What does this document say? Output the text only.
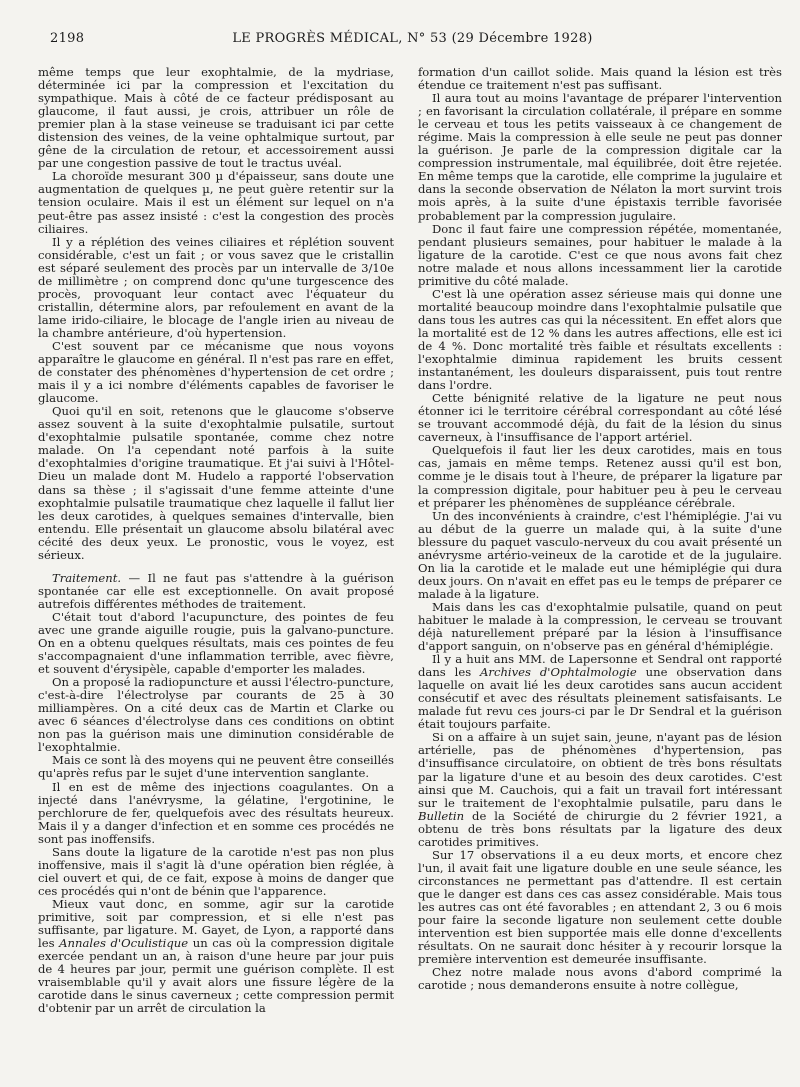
2198	LE PROGRÈS MÉDICAL, N° 53 (29 Décembre 1928)

même temps que leur exophtalmie, de la mydriase, déterminée ici par la compression et l'excitation du sympathique. Mais à côté de ce facteur prédisposant au glaucome, il faut aussi, je crois, attribuer un rôle de premier plan à la stase veineuse se traduisant ici par cette distension des veines, de la veine ophtalmique surtout, par gêne de la circulation de retour, et accessoirement aussi par une congestion passive de tout le tractus uvéal.

La choroïde mesurant 300 µ d'épaisseur, sans doute une augmentation de quelques µ, ne peut guère retentir sur la tension oculaire. Mais il est un élément sur lequel on n'a peut-être pas assez insisté : c'est la congestion des procès ciliaires.

Il y a réplétion des veines ciliaires et réplétion souvent considérable, c'est un fait ; or vous savez que le cristallin est séparé seulement des procès par un intervalle de 3/10e de millimètre ; on comprend donc qu'une turgescence des procès, provoquant leur contact avec l'équateur du cristallin, détermine alors, par refoulement en avant de la lame irido-ciliaire, le blocage de l'angle irien au niveau de la chambre antérieure, d'où hypertension.

C'est souvent par ce mécanisme que nous voyons apparaître le glaucome en général. Il n'est pas rare en effet, de constater des phénomènes d'hypertension de cet ordre ; mais il y a ici nombre d'éléments capables de favoriser le glaucome.

Quoi qu'il en soit, retenons que le glaucome s'observe assez souvent à la suite d'exophtalmie pulsatile, surtout d'exophtalmie pulsatile spontanée, comme chez notre malade. On l'a cependant noté parfois à la suite d'exophtalmies d'origine traumatique. Et j'ai suivi à l'Hôtel-Dieu un malade dont M. Hudelo a rapporté l'observation dans sa thèse ; il s'agissait d'une femme atteinte d'une exophtalmie pulsatile traumatique chez laquelle il fallut lier les deux carotides, à quelques semaines d'intervalle, bien entendu. Elle présentait un glaucome absolu bilatéral avec cécité des deux yeux. Le pronostic, vous le voyez, est sérieux.

Traitement. — Il ne faut pas s'attendre à la guérison spontanée car elle est exceptionnelle. On avait proposé autrefois différentes méthodes de traitement.

C'était tout d'abord l'acupuncture, des pointes de feu avec une grande aiguille rougie, puis la galvano-puncture. On en a obtenu quelques résultats, mais ces pointes de feu s'accompagnaient d'une inflammation terrible, avec fièvre, et souvent d'érysipèle, capable d'emporter les malades.

On a proposé la radiopuncture et aussi l'électro-puncture, c'est-à-dire l'électrolyse par courants de 25 à 30 milliampères. On a cité deux cas de Martin et Clarke ou avec 6 séances d'électrolyse dans ces conditions on obtint non pas la guérison mais une diminution considérable de l'exophtalmie.

Mais ce sont là des moyens qui ne peuvent être conseillés qu'après refus par le sujet d'une intervention sanglante.

Il en est de même des injections coagulantes. On a injecté dans l'anévrysme, la gélatine, l'ergotinine, le perchlorure de fer, quelquefois avec des résultats heureux. Mais il y a danger d'infection et en somme ces procédés ne sont pas inoffensifs.

Sans doute la ligature de la carotide n'est pas non plus inoffensive, mais il s'agit là d'une opération bien réglée, à ciel ouvert et qui, de ce fait, expose à moins de danger que ces procédés qui n'ont de bénin que l'apparence.

Mieux vaut donc, en somme, agir sur la carotide primitive, soit par compression, et si elle n'est pas suffisante, par ligature. M. Gayet, de Lyon, a rapporté dans les Annales d'Oculistique un cas où la compression digitale exercée pendant un an, à raison d'une heure par jour puis de 4 heures par jour, permit une guérison complète. Il est vraisemblable qu'il y avait alors une fissure légère de la carotide dans le sinus caverneux ; cette compression permit d'obtenir par un arrêt de circulation la

formation d'un caillot solide. Mais quand la lésion est très étendue ce traitement n'est pas suffisant.

Il aura tout au moins l'avantage de préparer l'intervention ; en favorisant la circulation collatérale, il prépare en somme le cerveau et tous les petits vaisseaux à ce changement de régime. Mais la compression à elle seule ne peut pas donner la guérison. Je parle de la compression digitale car la compression instrumentale, mal équilibrée, doit être rejetée. En même temps que la carotide, elle comprime la jugulaire et dans la seconde observation de Nélaton la mort survint trois mois après, à la suite d'une épistaxis terrible favorisée probablement par la compression jugulaire.

Donc il faut faire une compression répétée, momentanée, pendant plusieurs semaines, pour habituer le malade à la ligature de la carotide. C'est ce que nous avons fait chez notre malade et nous allons incessamment lier la carotide primitive du côté malade.

C'est là une opération assez sérieuse mais qui donne une mortalité beaucoup moindre dans l'exophtalmie pulsatile que dans tous les autres cas qui la nécessitent. En effet alors que la mortalité est de 12 % dans les autres affections, elle est ici de 4 %. Donc mortalité très faible et résultats excellents : l'exophtalmie diminua rapidement les bruits cessent instantanément, les douleurs disparaissent, puis tout rentre dans l'ordre.

Cette bénignité relative de la ligature ne peut nous étonner ici le territoire cérébral correspondant au côté lésé se trouvant accommodé déjà, du fait de la lésion du sinus caverneux, à l'insuffisance de l'apport artériel.

Quelquefois il faut lier les deux carotides, mais en tous cas, jamais en même temps. Retenez aussi qu'il est bon, comme je le disais tout à l'heure, de préparer la ligature par la compression digitale, pour habituer peu à peu le cerveau et préparer les phénomènes de suppléance cérébrale.

Un des inconvénients à craindre, c'est l'hémiplégie. J'ai vu au début de la guerre un malade qui, à la suite d'une blessure du paquet vasculo-nerveux du cou avait présenté un anévrysme artério-veineux de la carotide et de la jugulaire. On lia la carotide et le malade eut une hémiplégie qui dura deux jours. On n'avait en effet pas eu le temps de préparer ce malade à la ligature.

Mais dans les cas d'exophtalmie pulsatile, quand on peut habituer le malade à la compression, le cerveau se trouvant déjà naturellement préparé par la lésion à l'insuffisance d'apport sanguin, on n'observe pas en général d'hémiplégie.

Il y a huit ans MM. de Lapersonne et Sendral ont rapporté dans les Archives d'Ophtalmologie une observation dans laquelle on avait lié les deux carotides sans aucun accident consécutif et avec des résultats pleinement satisfaisants. Le malade fut revu ces jours-ci par le Dr Sendral et la guérison était toujours parfaite.

Si on a affaire à un sujet sain, jeune, n'ayant pas de lésion artérielle, pas de phénomènes d'hypertension, pas d'insuffisance circulatoire, on obtient de très bons résultats par la ligature d'une et au besoin des deux carotides. C'est ainsi que M. Cauchois, qui a fait un travail fort intéressant sur le traitement de l'exophtalmie pulsatile, paru dans le Bulletin de la Société de chirurgie du 2 février 1921, a obtenu de très bons résultats par la ligature des deux carotides primitives.

Sur 17 observations il a eu deux morts, et encore chez l'un, il avait fait une ligature double en une seule séance, les circonstances ne permettant pas d'attendre. Il est certain que le danger est dans ces cas assez considérable. Mais tous les autres cas ont été favorables ; en attendant 2, 3 ou 6 mois pour faire la seconde ligature non seulement cette double intervention est bien supportée mais elle donne d'excellents résultats. On ne saurait donc hésiter à y recourir lorsque la première intervention est demeurée insuffisante.

Chez notre malade nous avons d'abord comprimé la carotide ; nous demanderons ensuite à notre collègue,
